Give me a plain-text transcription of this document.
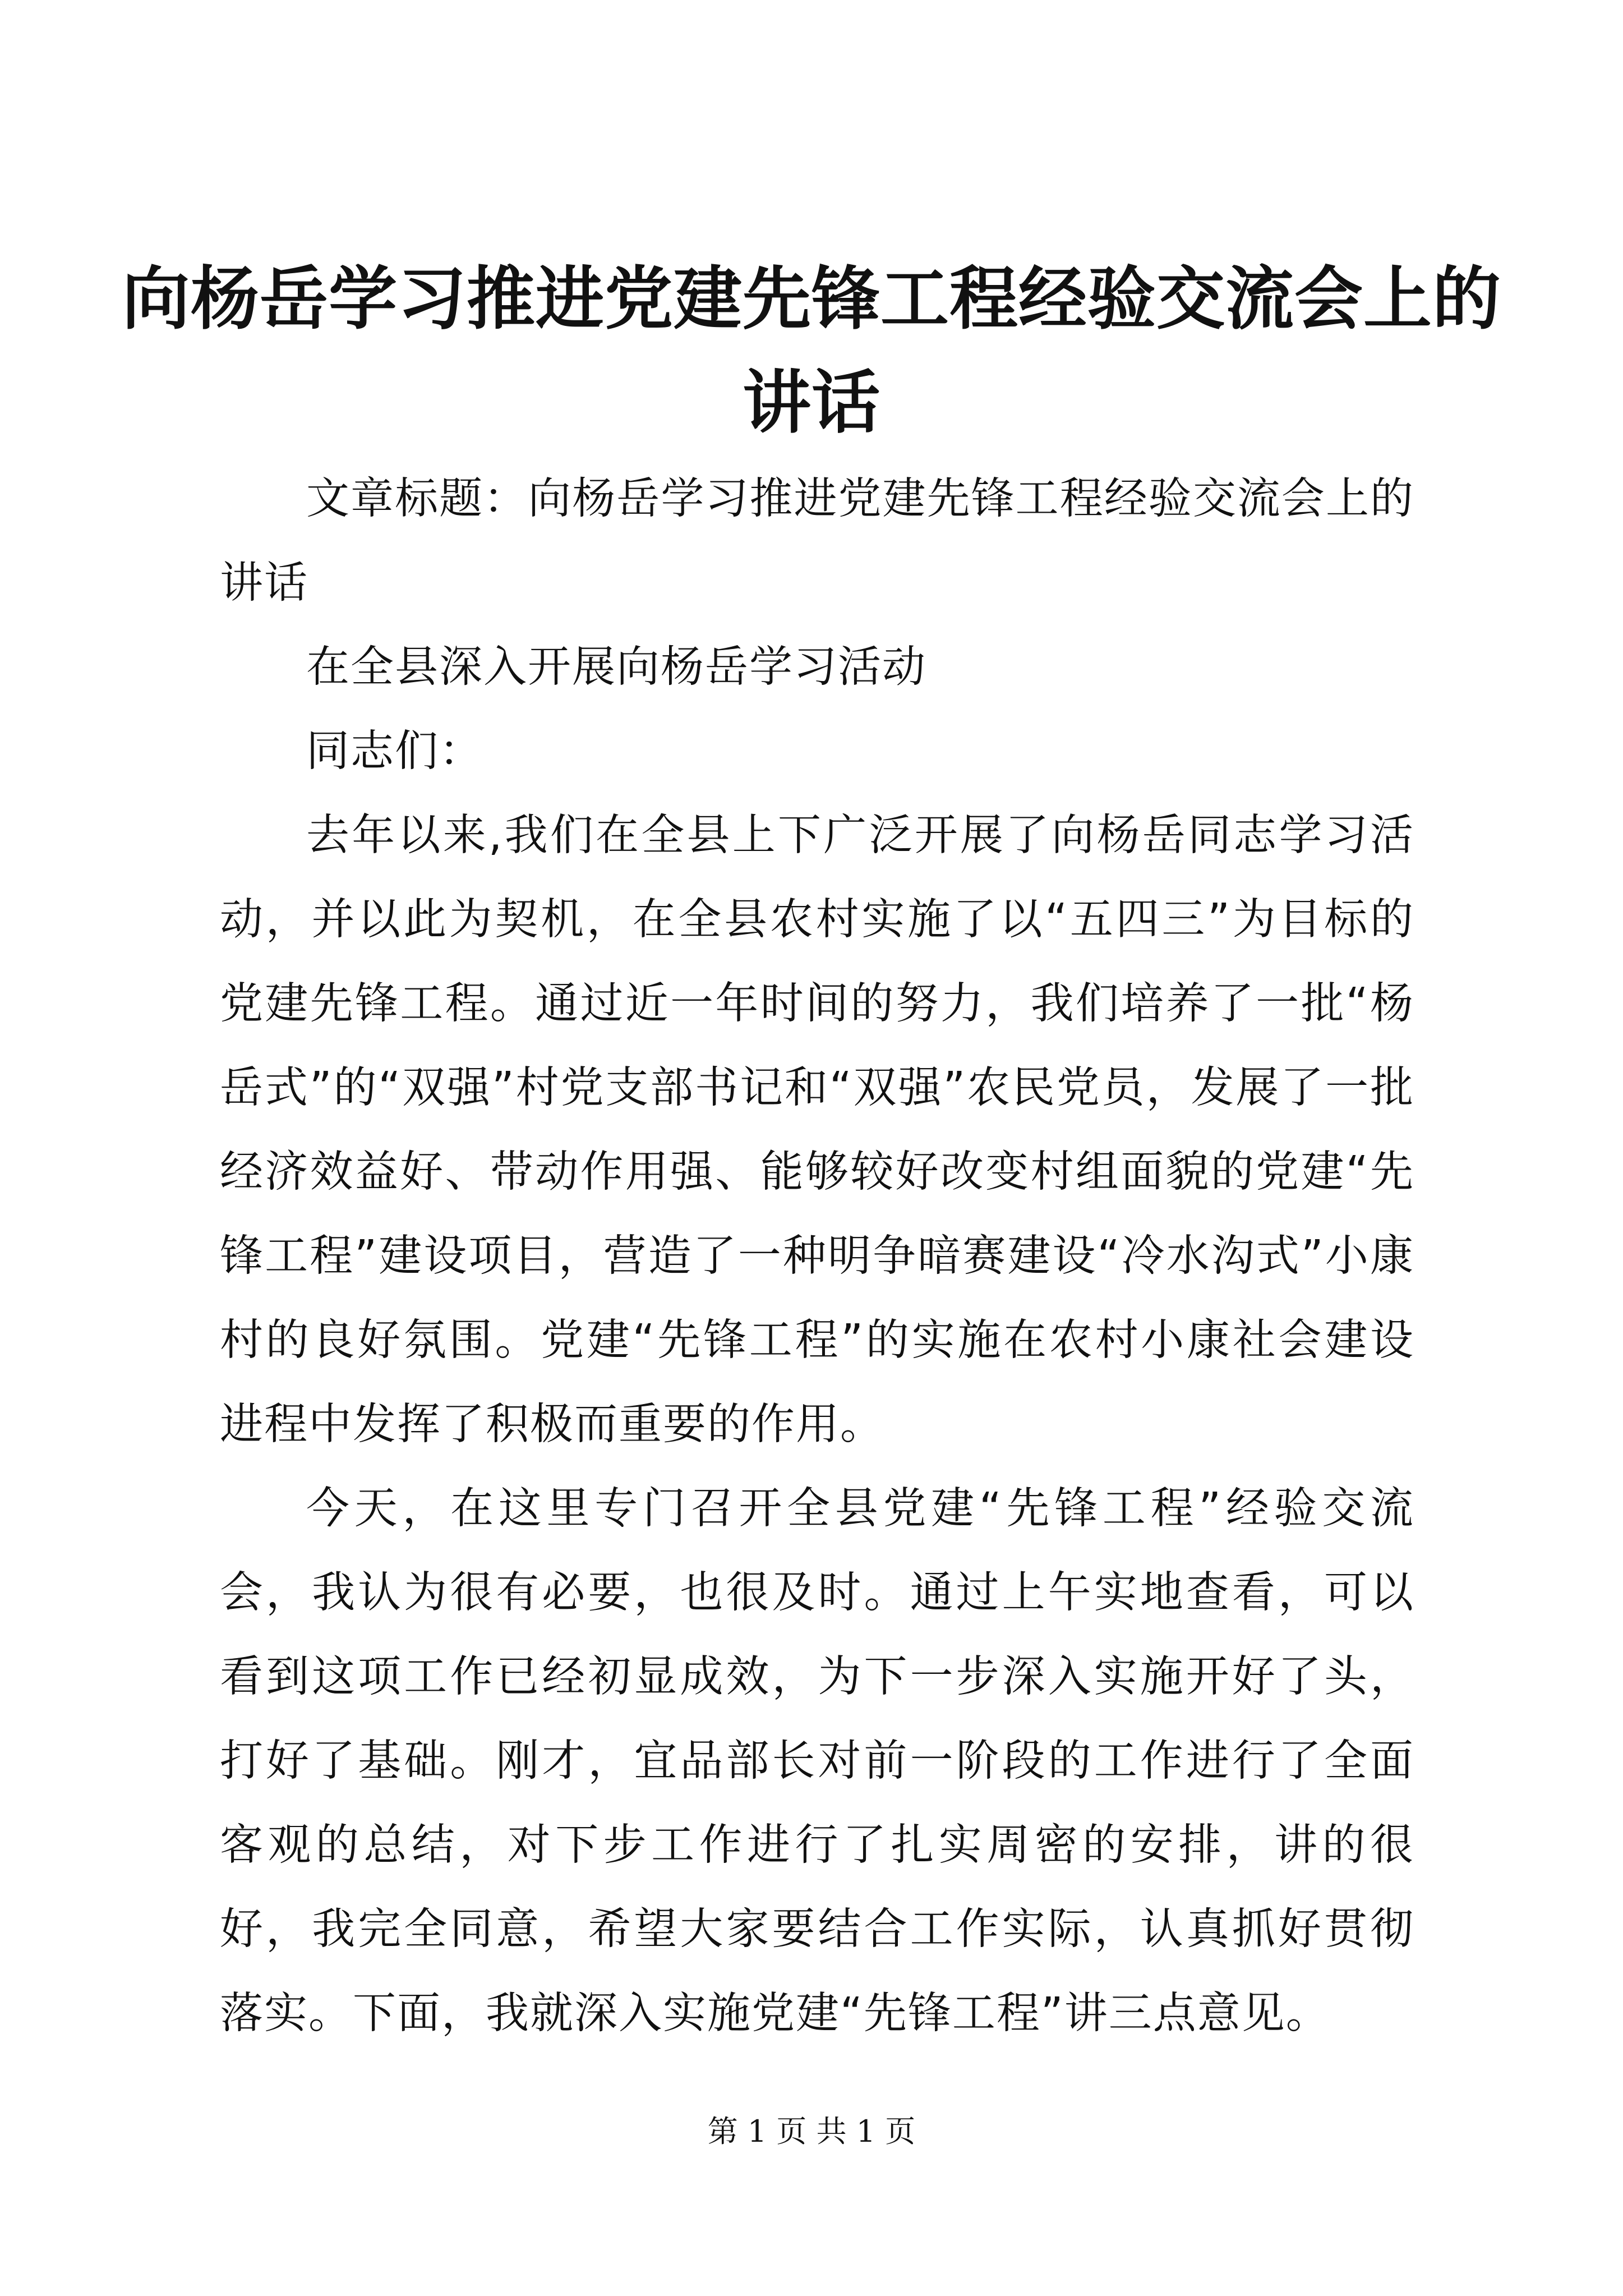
向杨岳学习推进党建先锋工程经验交流会上的
讲话

文章标题：向杨岳学习推进党建先锋工程经验交流会上的讲话

在全县深入开展向杨岳学习活动

同志们：

去年以来,我们在全县上下广泛开展了向杨岳同志学习活动，并以此为契机，在全县农村实施了以“五四三”为目标的党建先锋工程。通过近一年时间的努力，我们培养了一批“杨岳式”的“双强”村党支部书记和“双强”农民党员，发展了一批经济效益好、带动作用强、能够较好改变村组面貌的党建“先锋工程”建设项目，营造了一种明争暗赛建设“冷水沟式”小康村的良好氛围。党建“先锋工程”的实施在农村小康社会建设进程中发挥了积极而重要的作用。

今天，在这里专门召开全县党建“先锋工程”经验交流会，我认为很有必要，也很及时。通过上午实地查看，可以看到这项工作已经初显成效，为下一步深入实施开好了头，打好了基础。刚才，宜品部长对前一阶段的工作进行了全面客观的总结，对下步工作进行了扎实周密的安排，讲的很好，我完全同意，希望大家要结合工作实际，认真抓好贯彻落实。下面，我就深入实施党建“先锋工程”讲三点意见。

第 1 页 共 1 页
